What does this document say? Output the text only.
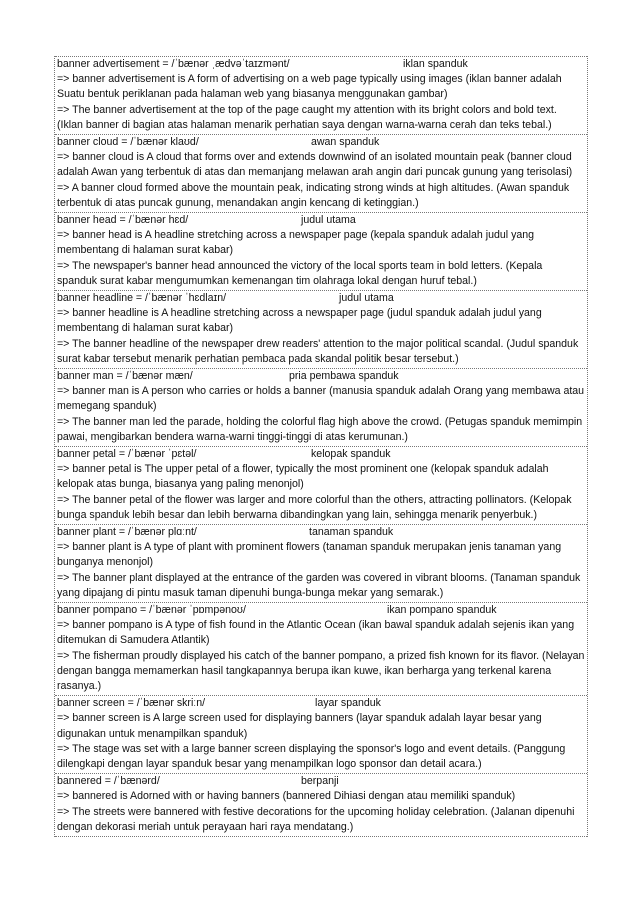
banner advertisement = /ˈbænər ˌædvəˈtaɪzmənt/	iklan spanduk
=> banner advertisement is A form of advertising on a web page typically using images (iklan banner adalah Suatu bentuk periklanan pada halaman web yang biasanya menggunakan gambar)
=> The banner advertisement at the top of the page caught my attention with its bright colors and bold text. (Iklan banner di bagian atas halaman menarik perhatian saya dengan warna-warna cerah dan teks tebal.)
banner cloud = /ˈbænər klaʊd/	awan spanduk
=> banner cloud is A cloud that forms over and extends downwind of an isolated mountain peak (banner cloud adalah Awan yang terbentuk di atas dan memanjang melawan arah angin dari puncak gunung yang terisolasi)
=> A banner cloud formed above the mountain peak, indicating strong winds at high altitudes. (Awan spanduk terbentuk di atas puncak gunung, menandakan angin kencang di ketinggian.)
banner head = /ˈbænər hɛd/	judul utama
=> banner head is A headline stretching across a newspaper page (kepala spanduk adalah judul yang membentang di halaman surat kabar)
=> The newspaper's banner head announced the victory of the local sports team in bold letters. (Kepala spanduk surat kabar mengumumkan kemenangan tim olahraga lokal dengan huruf tebal.)
banner headline = /ˈbænər ˈhɛdlaɪn/	judul utama
=> banner headline is A headline stretching across a newspaper page (judul spanduk adalah judul yang membentang di halaman surat kabar)
=> The banner headline of the newspaper drew readers' attention to the major political scandal. (Judul spanduk surat kabar tersebut menarik perhatian pembaca pada skandal politik besar tersebut.)
banner man = /ˈbænər mæn/	pria pembawa spanduk
=> banner man is A person who carries or holds a banner (manusia spanduk adalah Orang yang membawa atau memegang spanduk)
=> The banner man led the parade, holding the colorful flag high above the crowd. (Petugas spanduk memimpin pawai, mengibarkan bendera warna-warni tinggi-tinggi di atas kerumunan.)
banner petal = /ˈbænər ˈpɛtəl/	kelopak spanduk
=> banner petal is The upper petal of a flower, typically the most prominent one (kelopak spanduk adalah kelopak atas bunga, biasanya yang paling menonjol)
=> The banner petal of the flower was larger and more colorful than the others, attracting pollinators. (Kelopak bunga spanduk lebih besar dan lebih berwarna dibandingkan yang lain, sehingga menarik penyerbuk.)
banner plant = /ˈbænər plɑːnt/	tanaman spanduk
=> banner plant is A type of plant with prominent flowers (tanaman spanduk merupakan jenis tanaman yang bunganya menonjol)
=> The banner plant displayed at the entrance of the garden was covered in vibrant blooms. (Tanaman spanduk yang dipajang di pintu masuk taman dipenuhi bunga-bunga mekar yang semarak.)
banner pompano = /ˈbænər ˈpɒmpənoʊ/	ikan pompano spanduk
=> banner pompano is A type of fish found in the Atlantic Ocean (ikan bawal spanduk adalah sejenis ikan yang ditemukan di Samudera Atlantik)
=> The fisherman proudly displayed his catch of the banner pompano, a prized fish known for its flavor. (Nelayan dengan bangga memamerkan hasil tangkapannya berupa ikan kuwe, ikan berharga yang terkenal karena rasanya.)
banner screen = /ˈbænər skriːn/	layar spanduk
=> banner screen is A large screen used for displaying banners (layar spanduk adalah layar besar yang digunakan untuk menampilkan spanduk)
=> The stage was set with a large banner screen displaying the sponsor's logo and event details. (Panggung dilengkapi dengan layar spanduk besar yang menampilkan logo sponsor dan detail acara.)
bannered = /ˈbænərd/	berpanji
=> bannered is Adorned with or having banners (bannered Dihiasi dengan atau memiliki spanduk)
=> The streets were bannered with festive decorations for the upcoming holiday celebration. (Jalanan dipenuhi dengan dekorasi meriah untuk perayaan hari raya mendatang.)
